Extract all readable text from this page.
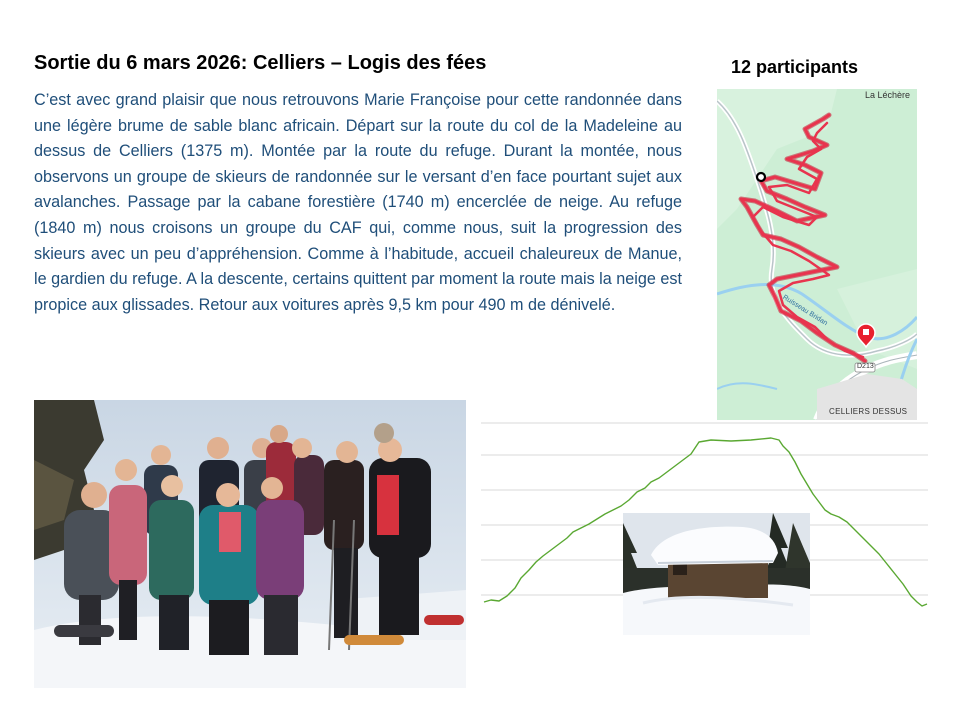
Sortie du 6 mars 2026: Celliers – Logis des fées	12 participants

C’est avec grand plaisir que nous retrouvons Marie Françoise pour cette randonnée dans une légère brume de sable blanc africain. Départ sur la route du col de la Madeleine au dessus de Celliers (1375 m). Montée par la route du refuge. Durant la montée, nous observons un groupe de skieurs de randonnée sur le versant d’en face pourtant sujet aux avalanches. Passage par la cabane forestière (1740 m) encerclée de neige. Au refuge (1840 m) nous croisons un groupe du CAF qui, comme nous, suit la progression des skieurs avec un peu d’appréhension. Comme à l’habitude, accueil chaleureux de Manue, le gardien du refuge. A la descente, certains quittent par moment la route mais la neige est propice aux glissades. Retour aux voitures après 9,5 km pour 490 m de dénivelé.

La Léchère
Ruisseau Bridan
D213
CELLIERS DESSUS
